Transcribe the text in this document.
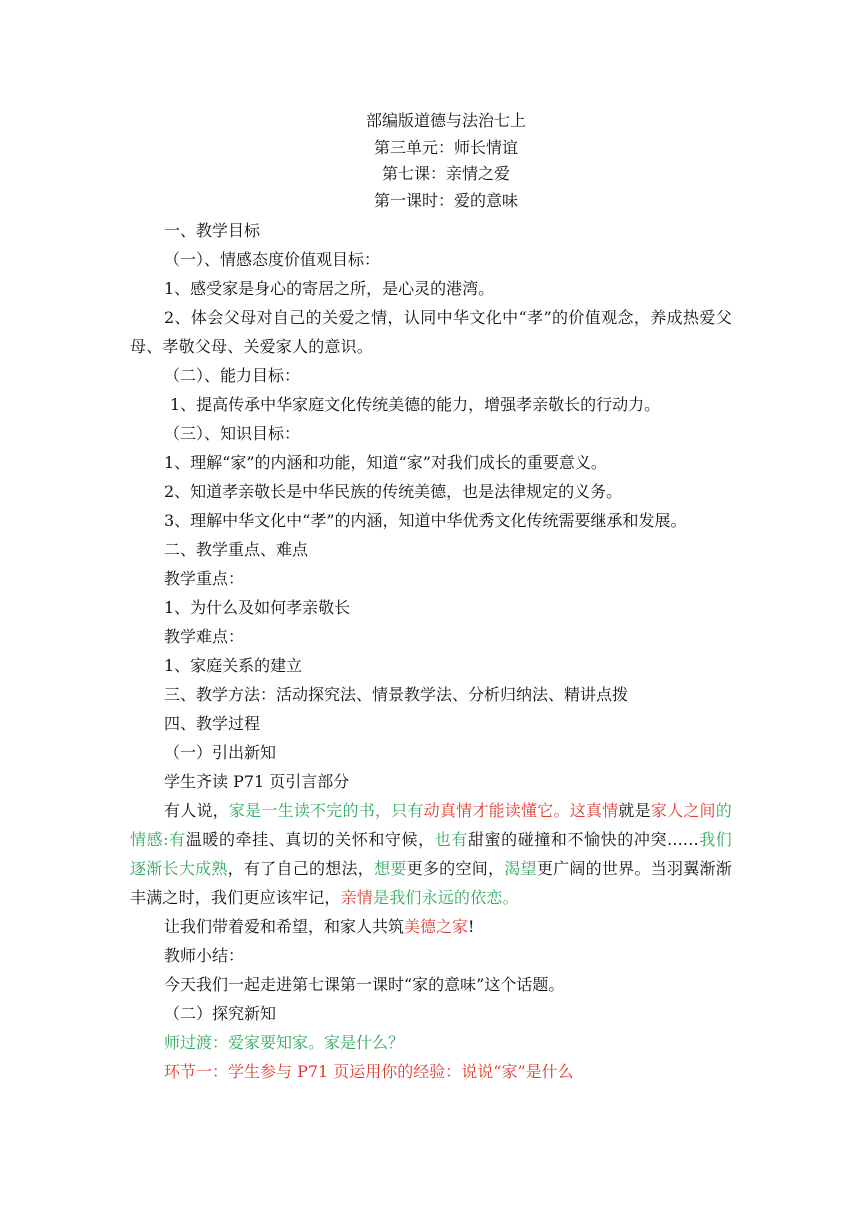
部编版道德与法治七上

第三单元：师长情谊

第七课：亲情之爱

第一课时：爱的意味

一、教学目标

（一）、情感态度价值观目标：

1、感受家是身心的寄居之所，是心灵的港湾。

2、体会父母对自己的关爱之情，认同中华文化中“孝”的价值观念，养成热爱父母、孝敬父母、关爱家人的意识。

（二）、能力目标：

1、提高传承中华家庭文化传统美德的能力，增强孝亲敬长的行动力。

（三）、知识目标：

1、理解“家”的内涵和功能，知道“家”对我们成长的重要意义。

2、知道孝亲敬长是中华民族的传统美德，也是法律规定的义务。

3、理解中华文化中“孝”的内涵，知道中华优秀文化传统需要继承和发展。

二、教学重点、难点

教学重点：

1、为什么及如何孝亲敬长

教学难点：

1、家庭关系的建立

三、教学方法：活动探究法、情景教学法、分析归纳法、精讲点拨

四、教学过程

（一）引出新知

学生齐读 P71 页引言部分

有人说，家是一生读不完的书，只有动真情才能读懂它。这真情就是家人之间的情感:有温暖的牵挂、真切的关怀和守候，也有甜蜜的碰撞和不愉快的冲突......我们逐渐长大成熟，有了自己的想法，想要更多的空间，渴望更广阔的世界。当羽翼渐渐丰满之时，我们更应该牢记，亲情是我们永远的依恋。

让我们带着爱和希望，和家人共筑美德之家!

教师小结：

今天我们一起走进第七课第一课时“家的意味”这个话题。

（二）探究新知

师过渡：爱家要知家。家是什么？

环节一：学生参与 P71 页运用你的经验：说说“家”是什么
